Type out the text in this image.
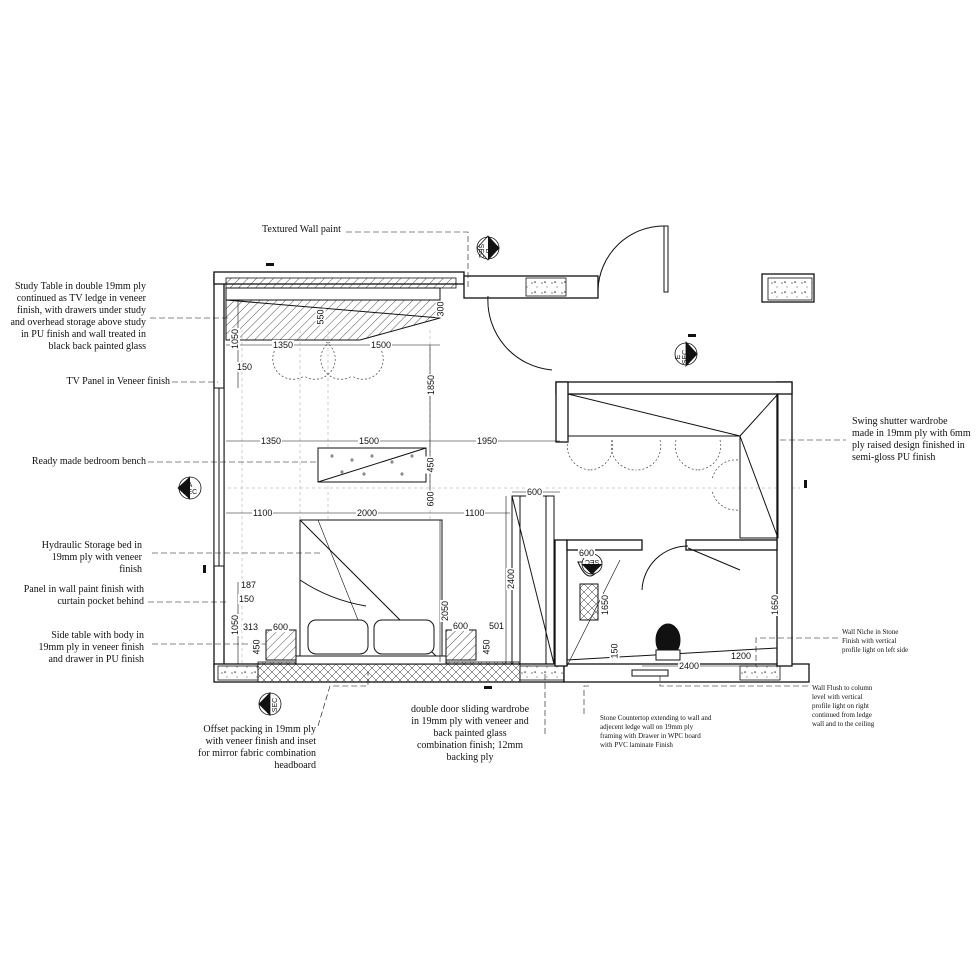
Study Table in double 19mm ply
continued as TV ledge in veneer
finish, with drawers under study
and overhead storage above study
in PU finish and wall treated in
black back painted glass
Textured Wall paint
TV Panel in Veneer finish
Ready made bedroom bench
Hydraulic Storage bed in
19mm ply with veneer
finish
Panel in wall paint finish with
curtain pocket behind
Side table with body in
19mm ply in veneer finish
and drawer in PU finish
Offset packing in 19mm ply
with veneer finish and inset
for mirror fabric combination
headboard
double door sliding wardrobe
in 19mm ply with veneer and
back painted glass
combination finish; 12mm
backing ply
Stone Countertop extending to wall and
adjecent ledge wall on 19mm ply
framing with Drawer in WPC board
with PVC laminate Finish
Swing shutter wardrobe
made in 19mm ply with 6mm
ply raised design finished in
semi-gloss PU finish
Wall Niche in Stone
Finish with vertical
profile light on left side
Wall Flush to column
level with vertical
profile light on right
continued from ledge
wall and to the ceiling
1350	1500
550
300
1050
150
1850
1350	1500	1950
450
600
1100	2000	1100
600
2400
2050
187
150
1050 313 600	600 501
450	450
600
1650
150
2400
1200
1650
A
SEC
B
SEC
E
SEC
C
SEC
D
SEC
